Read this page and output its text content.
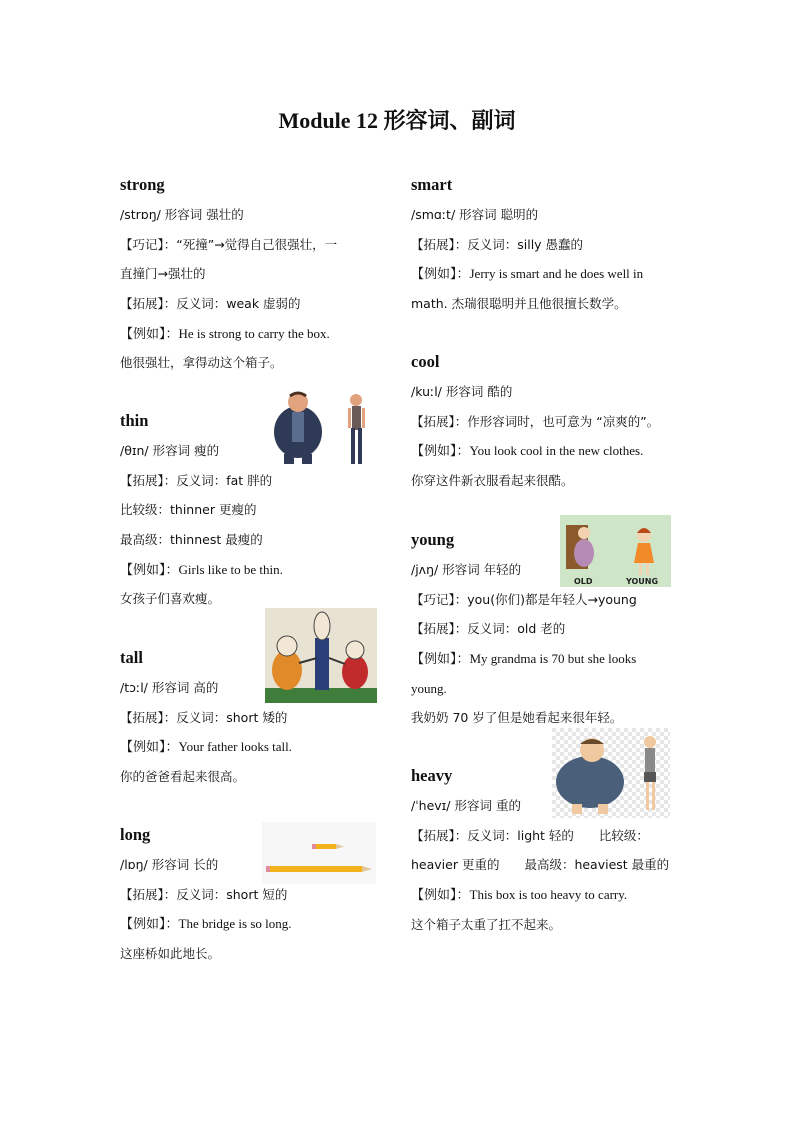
Module 12 形容词、副词
strong
/strɒŋ/ 形容词 强壮的
【巧记】：“死撞”→觉得自己很强壮，一
直撞门→强壮的
【拓展】：反义词：weak 虚弱的
【例如】：He is strong to carry the box.
他很强壮，拿得动这个箱子。
thin
/θɪn/ 形容词 瘦的
【拓展】：反义词：fat 胖的
比较级：thinner 更瘦的
最高级：thinnest 最瘦的
【例如】：Girls like to be thin.
女孩子们喜欢瘦。
tall
/tɔːl/ 形容词 高的
【拓展】：反义词：short 矮的
【例如】：Your father looks tall.
你的爸爸看起来很高。
long
/lɒŋ/ 形容词 长的
【拓展】：反义词：short 短的
【例如】：The bridge is so long.
这座桥如此地长。
smart
/smɑːt/ 形容词 聪明的
【拓展】：反义词：silly 愚蠢的
【例如】：Jerry is smart and he does well in
math. 杰瑞很聪明并且他很擅长数学。
cool
/kuːl/ 形容词 酷的
【拓展】：作形容词时，也可意为 “凉爽的”。
【例如】：You look cool in the new clothes.
你穿这件新衣服看起来很酷。
young
/jʌŋ/ 形容词 年轻的
【巧记】：you(你们)都是年轻人→young
【拓展】：反义词：old 老的
【例如】：My grandma is 70 but she looks
young.
我奶奶 70 岁了但是她看起来很年轻。
heavy
/ˈhevɪ/ 形容词 重的
【拓展】：反义词：light 轻的　　比较级：
heavier 更重的　　最高级：heaviest 最重的
【例如】：This box is too heavy to carry.
这个箱子太重了扛不起来。
OLD	YOUNG
